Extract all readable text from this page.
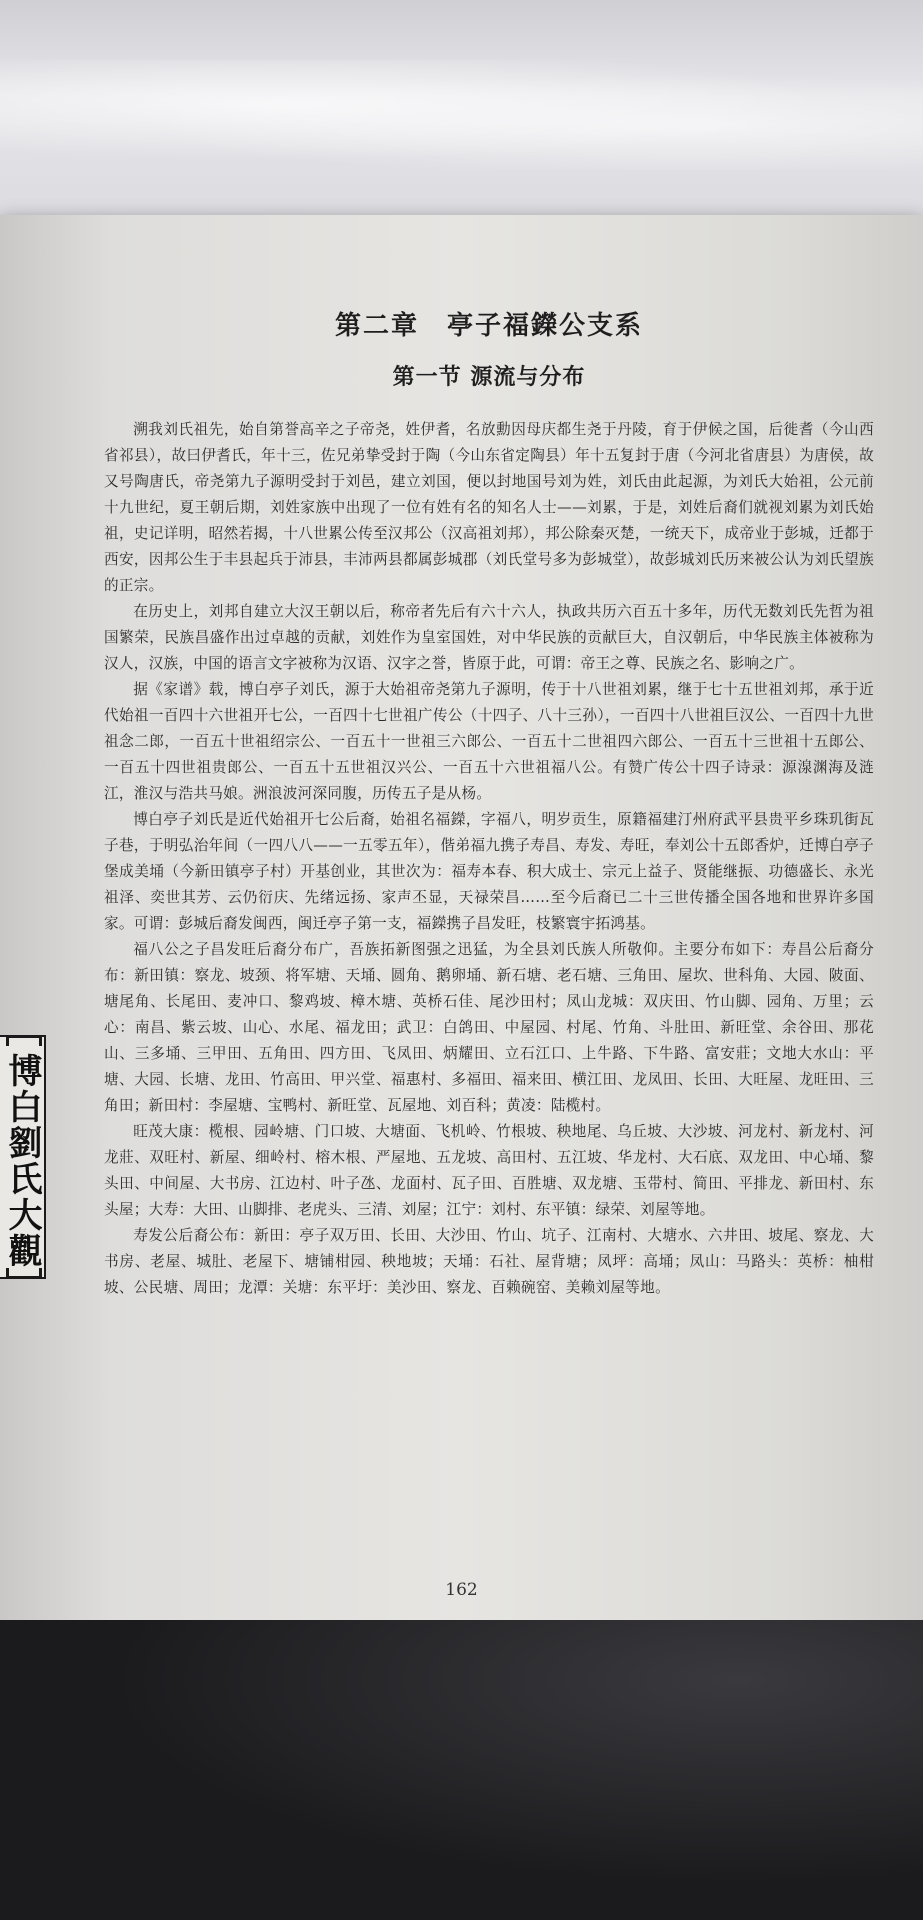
博白劉氏大觀
第二章 亭子福鑅公支系
第一节 源流与分布

溯我刘氏祖先，始自第誉高辛之子帝尧，姓伊耆，名放勳因母庆都生尧于丹陵，育于伊候之国，后徙耆（今山西省祁县），故曰伊耆氏，年十三，佐兄弟挚受封于陶（今山东省定陶县）年十五复封于唐（今河北省唐县）为唐侯，故又号陶唐氏，帝尧第九子源明受封于刘邑，建立刘国，便以封地国号刘为姓，刘氏由此起源，为刘氏大始祖，公元前十九世纪，夏王朝后期，刘姓家族中出现了一位有姓有名的知名人士——刘累，于是，刘姓后裔们就视刘累为刘氏始祖，史记详明，昭然若揭，十八世累公传至汉邦公（汉高祖刘邦），邦公除秦灭楚，一统天下，成帝业于彭城，迁都于西安，因邦公生于丰县起兵于沛县，丰沛两县都属彭城郡（刘氏堂号多为彭城堂），故彭城刘氏历来被公认为刘氏望族的正宗。

在历史上，刘邦自建立大汉王朝以后，称帝者先后有六十六人，执政共历六百五十多年，历代无数刘氏先哲为祖国繁荣，民族昌盛作出过卓越的贡献，刘姓作为皇室国姓，对中华民族的贡献巨大，自汉朝后，中华民族主体被称为汉人，汉族，中国的语言文字被称为汉语、汉字之誉，皆原于此，可谓：帝王之尊、民族之名、影响之广。

据《家谱》载，博白亭子刘氏，源于大始祖帝尧第九子源明，传于十八世祖刘累，继于七十五世祖刘邦，承于近代始祖一百四十六世祖开七公，一百四十七世祖广传公（十四子、八十三孙），一百四十八世祖巨汉公、一百四十九世祖念二郎，一百五十世祖绍宗公、一百五十一世祖三六郎公、一百五十二世祖四六郎公、一百五十三世祖十五郎公、一百五十四世祖贵郎公、一百五十五世祖汉兴公、一百五十六世祖福八公。有赞广传公十四子诗录：源湶渊海及涟江，淮汉与浩共马娘。洲浪波河深同腹，历传五子是从杨。

博白亭子刘氏是近代始祖开七公后裔，始祖名福鑅，字福八，明岁贡生，原籍福建汀州府武平县贵平乡珠玑街瓦子巷，于明弘治年间（一四八八——一五零五年），偕弟福九携子寿昌、寿发、寿旺，奉刘公十五郎香炉，迁博白亭子堡成美埇（今新田镇亭子村）开基创业，其世次为：福寿本春、积大成士、宗元上益子、贤能继振、功德盛长、永光祖泽、奕世其芳、云仍衍庆、先绪远扬、家声丕显，天禄荣昌……至今后裔已二十三世传播全国各地和世界许多国家。可谓：彭城后裔发闽西，闽迁亭子第一支，福鑅携子昌发旺，枝繁寰宇拓鸿基。

福八公之子昌发旺后裔分布广，吾族拓新图强之迅猛，为全县刘氏族人所敬仰。主要分布如下：寿昌公后裔分布：新田镇：察龙、坡颈、将军塘、天埇、圆角、鹅卵埇、新石塘、老石塘、三角田、屋坎、世科角、大园、陂面、塘尾角、长尾田、麦冲口、黎鸡坡、樟木塘、英桥石佳、尾沙田村；凤山龙城：双庆田、竹山脚、园角、万里；云心：南昌、紫云坡、山心、水尾、福龙田；武卫：白鸽田、中屋园、村尾、竹角、斗肚田、新旺堂、余谷田、那花山、三多埇、三甲田、五角田、四方田、飞凤田、炳耀田、立石江口、上牛路、下牛路、富安莊；文地大水山：平塘、大园、长塘、龙田、竹高田、甲兴堂、福惠村、多福田、福来田、横江田、龙凤田、长田、大旺屋、龙旺田、三角田；新田村：李屋塘、宝鸭村、新旺堂、瓦屋地、刘百科；黄凌：陆榄村。

旺茂大康：榄根、园岭塘、门口坡、大塘面、飞机岭、竹根坡、秧地尾、乌丘坡、大沙坡、河龙村、新龙村、河龙莊、双旺村、新屋、细岭村、榕木根、严屋地、五龙坡、高田村、五江坡、华龙村、大石底、双龙田、中心埇、黎头田、中间屋、大书房、江边村、叶子氹、龙面村、瓦子田、百胜塘、双龙塘、玉带村、简田、平排龙、新田村、东头屋；大寿：大田、山脚排、老虎头、三清、刘屋；江宁：刘村、东平镇：绿荣、刘屋等地。

寿发公后裔公布：新田：亭子双万田、长田、大沙田、竹山、坑子、江南村、大塘水、六井田、坡尾、察龙、大书房、老屋、城肚、老屋下、塘铺柑园、秧地坡；天埇：石社、屋背塘；凤坪：高埇；凤山：马路头：英桥：柚柑坡、公民塘、周田；龙潭：关塘：东平圩：美沙田、察龙、百赖碗窑、美赖刘屋等地。

162
